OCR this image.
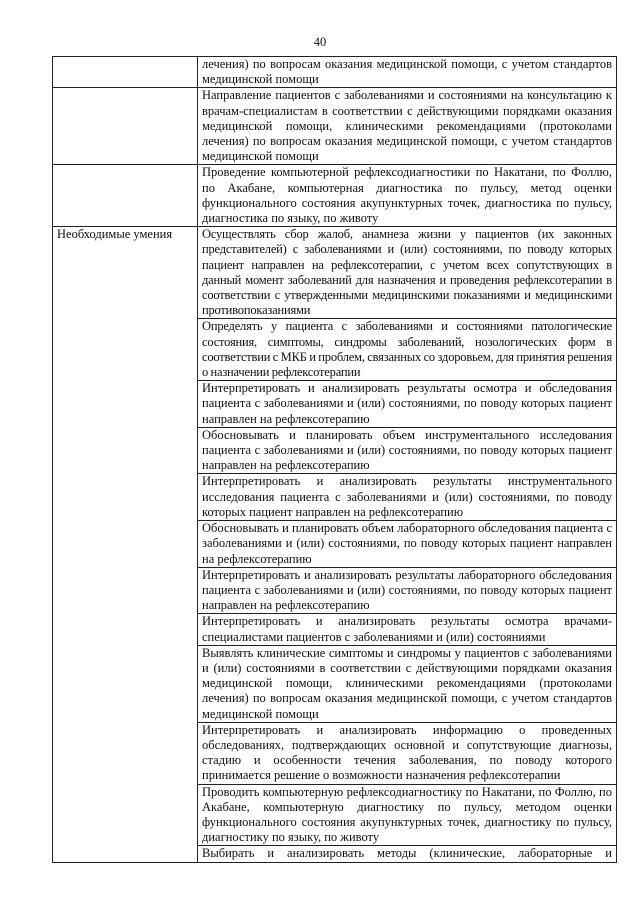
40

	лечения) по вопросам оказания медицинской помощи, с учетом стандартов медицинской помощи

	Направление пациентов с заболеваниями и состояниями на консультацию к врачам-специалистам в соответствии с действующими порядками оказания медицинской помощи, клиническими рекомендациями (протоколами лечения) по вопросам оказания медицинской помощи, с учетом стандартов медицинской помощи

	Проведение компьютерной рефлексодиагностики по Накатани, по Фоллю, по Акабане, компьютерная диагностика по пульсу, метод оценки функционального состояния акупунктурных точек, диагностика по пульсу, диагностика по языку, по животу

Необходимые умения	Осуществлять сбор жалоб, анамнеза жизни у пациентов (их законных представителей) с заболеваниями и (или) состояниями, по поводу которых пациент направлен на рефлексотерапии, с учетом всех сопутствующих в данный момент заболеваний для назначения и проведения рефлексотерапии в соответствии с утвержденными медицинскими показаниями и медицинскими противопоказаниями

	Определять у пациента с заболеваниями и состояниями патологические состояния, симптомы, синдромы заболеваний, нозологических форм в соответствии с МКБ и проблем, связанных со здоровьем, для принятия решения о назначении рефлексотерапии

	Интерпретировать и анализировать результаты осмотра и обследования пациента с заболеваниями и (или) состояниями, по поводу которых пациент направлен на рефлексотерапию

	Обосновывать и планировать объем инструментального исследования пациента с заболеваниями и (или) состояниями, по поводу которых пациент направлен на рефлексотерапию

	Интерпретировать и анализировать результаты инструментального исследования пациента с заболеваниями и (или) состояниями, по поводу которых пациент направлен на рефлексотерапию

	Обосновывать и планировать объем лабораторного обследования пациента с заболеваниями и (или) состояниями, по поводу которых пациент направлен на рефлексотерапию

	Интерпретировать и анализировать результаты лабораторного обследования пациента с заболеваниями и (или) состояниями, по поводу которых пациент направлен на рефлексотерапию

	Интерпретировать и анализировать результаты осмотра врачами-специалистами пациентов с заболеваниями и (или) состояниями

	Выявлять клинические симптомы и синдромы у пациентов с заболеваниями и (или) состояниями в соответствии с действующими порядками оказания медицинской помощи, клиническими рекомендациями (протоколами лечения) по вопросам оказания медицинской помощи, с учетом стандартов медицинской помощи

	Интерпретировать и анализировать информацию о проведенных обследованиях, подтверждающих основной и сопутствующие диагнозы, стадию и особенности течения заболевания, по поводу которого принимается решение о возможности назначения рефлексотерапии

	Проводить компьютерную рефлексодиагностику по Накатани, по Фоллю, по Акабане, компьютерную диагностику по пульсу, методом оценки функционального состояния акупунктурных точек, диагностику по пульсу, диагностику по языку, по животу

	Выбирать и анализировать методы (клинические, лабораторные и
